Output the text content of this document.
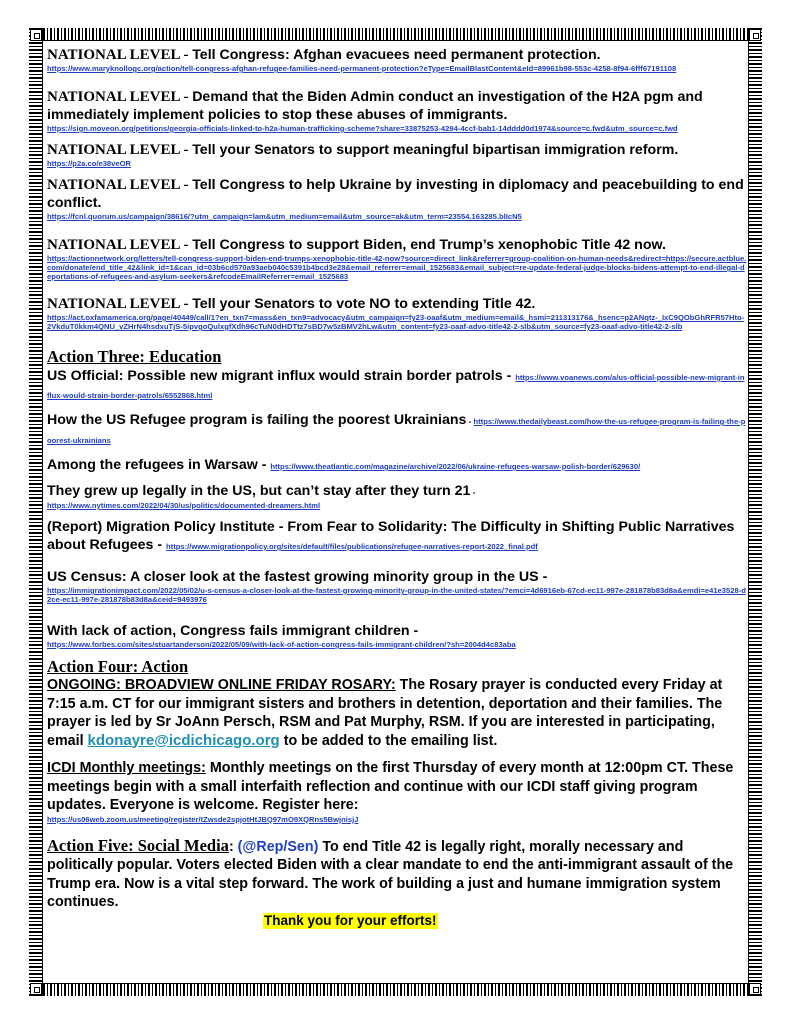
NATIONAL LEVEL - Tell Congress: Afghan evacuees need permanent protection.
https://www.maryknollogc.org/action/tell-congress-afghan-refugee-families-need-permanent-protection?eType=EmailBlastContent&eId=89961b98-553c-4258-8f94-6fff67191108
NATIONAL LEVEL - Demand that the Biden Admin conduct an investigation of the H2A pgm and immediately implement policies to stop these abuses of immigrants.
https://sign.moveon.org/petitions/georgia-officials-linked-to-h2a-human-trafficking-scheme?share=33875253-4294-4ccf-bab1-14dddd0d1974&source=c.fwd&utm_source=c.fwd
NATIONAL LEVEL - Tell your Senators to support meaningful bipartisan immigration reform.
https://p2a.co/e38veOR
NATIONAL LEVEL - Tell Congress to help Ukraine by investing in diplomacy and peacebuilding to end conflict.
https://fcnl.quorum.us/campaign/38616/?utm_campaign=lam&utm_medium=email&utm_source=ak&utm_term=23554.163285.blIcN5
NATIONAL LEVEL - Tell Congress to support Biden, end Trump’s xenophobic Title 42 now.
https://actionnetwork.org/letters/tell-congress-support-biden-end-trumps-xenophobic-title-42-now?source=direct_link&referrer=group-coalition-on-human-needs&redirect=https://secure.actblue.com/donate/end_title_42&link_id=1&can_id=03b6cd570a93aeb040c5391b4bcd3e28&email_referrer=email_1525683&email_subject=re-update-federal-judge-blocks-bidens-attempt-to-end-illegal-deportations-of-refugees-and-asylum-seekers&refcodeEmailReferrer=email_1525683
NATIONAL LEVEL - Tell your Senators to vote NO to extending Title 42.
https://act.oxfamamerica.org/page/40449/call/1?en_txn7=mass&en_txn9=advocacy&utm_campaign=fy23-oaaf&utm_medium=email&_hsmi=211313176&_hsenc=p2ANqtz-_IxC9QObGhRFR57Hto-2VkduT0kkm4QNU_vZHrN4hsdxuTjS-5ipvgoQulxgfXdh96cTuN0dHDTtz7sBD7w5zBMV2hLw&utm_content=fy23-oaaf-advo-title42-2-slb&utm_source=fy23-oaaf-advo-title42-2-slb
Action Three: Education
US Official: Possible new migrant influx would strain border patrols - https://www.voanews.com/a/us-official-possible-new-migrant-influx-would-strain-border-patrols/6552868.html
How the US Refugee program is failing the poorest Ukrainians - https://www.thedailybeast.com/how-the-us-refugee-program-is-failing-the-poorest-ukrainians
Among the refugees in Warsaw - https://www.theatlantic.com/magazine/archive/2022/06/ukraine-refugees-warsaw-polish-border/629630/
They grew up legally in the US, but can’t stay after they turn 21 -
https://www.nytimes.com/2022/04/30/us/politics/documented-dreamers.html
(Report) Migration Policy Institute - From Fear to Solidarity: The Difficulty in Shifting Public Narratives about Refugees - https://www.migrationpolicy.org/sites/default/files/publications/refugee-narratives-report-2022_final.pdf
US Census: A closer look at the fastest growing minority group in the US -
https://immigrationimpact.com/2022/05/02/u-s-census-a-closer-look-at-the-fastest-growing-minority-group-in-the-united-states/?emci=4d6916eb-67cd-ec11-997e-281878b83d8a&emdi=e41e3528-d2ce-ec11-997e-281878b83d8a&ceid=9493976
With lack of action, Congress fails immigrant children -
https://www.forbes.com/sites/stuartanderson/2022/05/09/with-lack-of-action-congress-fails-immigrant-children/?sh=2004d4c83aba
Action Four: Action
ONGOING: BROADVIEW ONLINE FRIDAY ROSARY: The Rosary prayer is conducted every Friday at 7:15 a.m. CT for our immigrant sisters and brothers in detention, deportation and their families. The prayer is led by Sr JoAnn Persch, RSM and Pat Murphy, RSM. If you are interested in participating, email kdonayre@icdichicago.org to be added to the emailing list.
ICDI Monthly meetings: Monthly meetings on the first Thursday of every month at 12:00pm CT. These meetings begin with a small interfaith reflection and continue with our ICDI staff giving program updates. Everyone is welcome. Register here:
https://us06web.zoom.us/meeting/register/tZwsde2spjotHtJBQ97mO9XQRns5BwjnisjJ
Action Five: Social Media: (@Rep/Sen) To end Title 42 is legally right, morally necessary and politically popular. Voters elected Biden with a clear mandate to end the anti-immigrant assault of the Trump era. Now is a vital step forward. The work of building a just and humane immigration system continues.
Thank you for your efforts!
